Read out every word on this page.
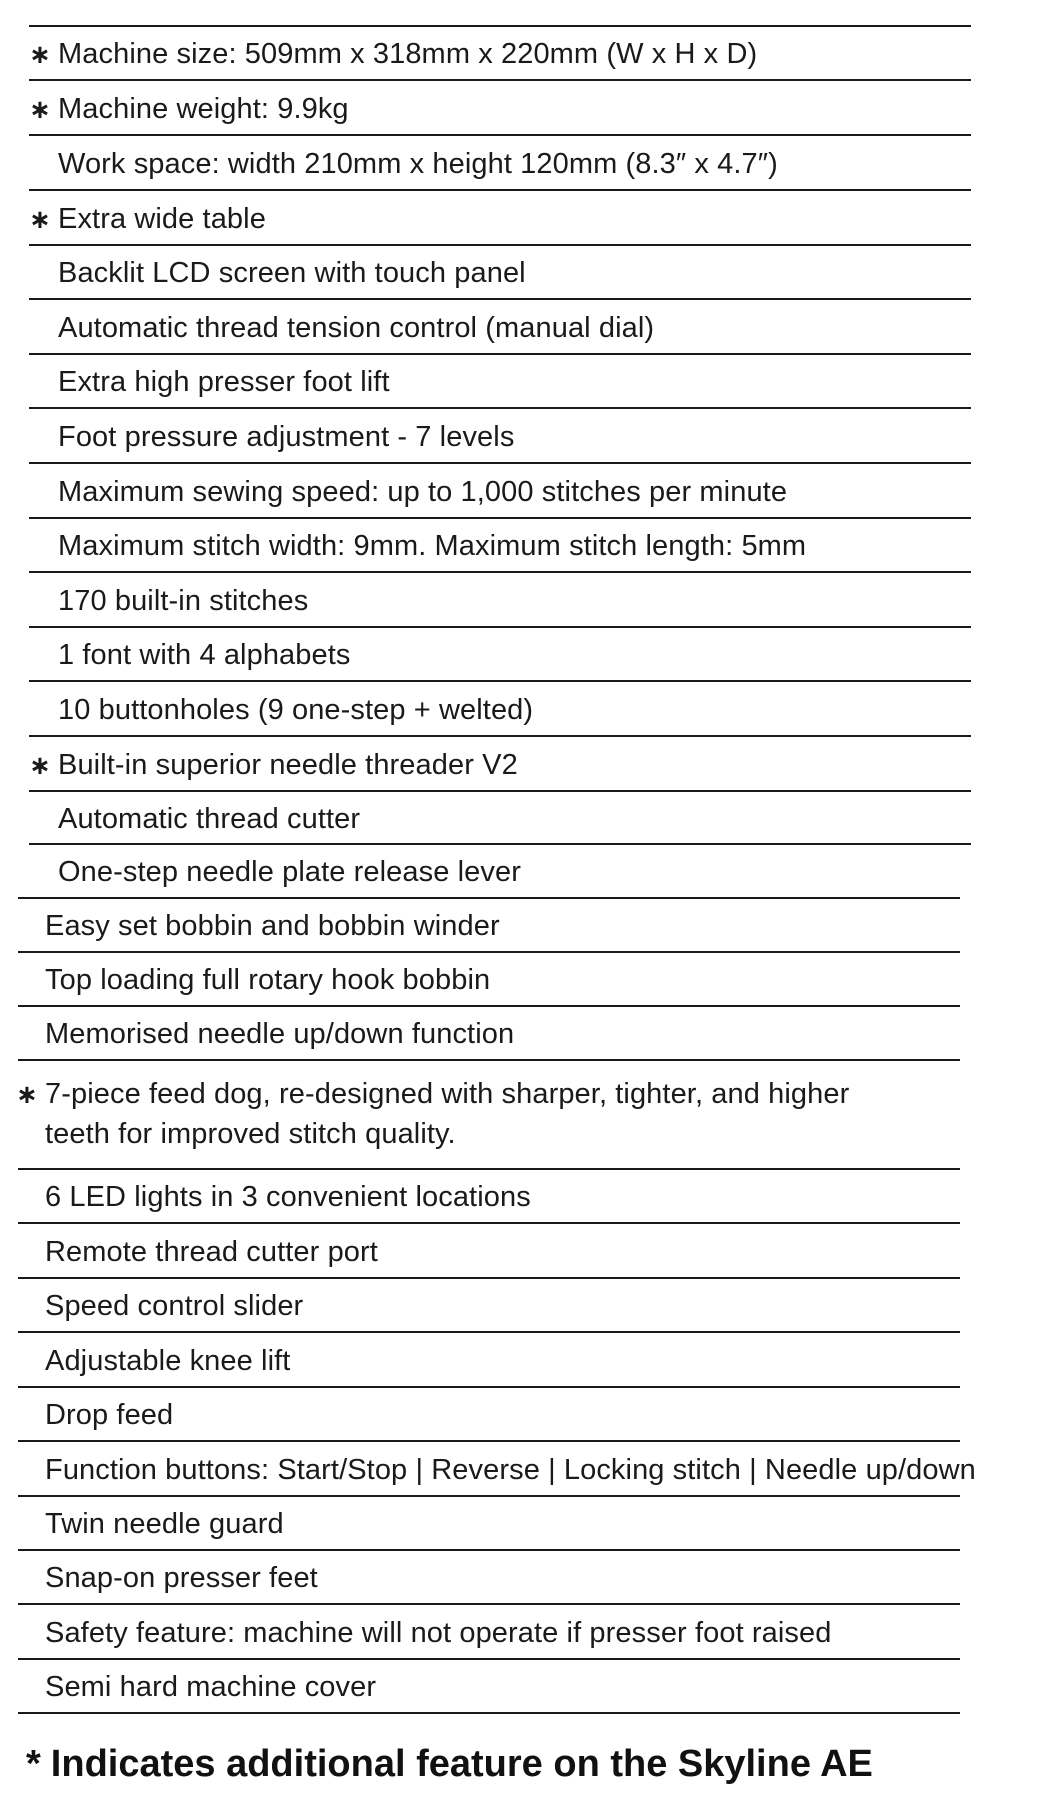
∗ Machine size: 509mm x 318mm x 220mm (W x H x D)
∗ Machine weight: 9.9kg
Work space: width 210mm x height 120mm (8.3″ x 4.7″)
∗ Extra wide table
Backlit LCD screen with touch panel
Automatic thread tension control (manual dial)
Extra high presser foot lift
Foot pressure adjustment - 7 levels
Maximum sewing speed: up to 1,000 stitches per minute
Maximum stitch width: 9mm. Maximum stitch length: 5mm
170 built-in stitches
1 font with 4 alphabets
10 buttonholes (9 one-step + welted)
∗ Built-in superior needle threader V2
Automatic thread cutter
One-step needle plate release lever
Easy set bobbin and bobbin winder
Top loading full rotary hook bobbin
Memorised needle up/down function
∗ 7-piece feed dog, re-designed with sharper, tighter, and higher teeth for improved stitch quality.
6 LED lights in 3 convenient locations
Remote thread cutter port
Speed control slider
Adjustable knee lift
Drop feed
Function buttons: Start/Stop | Reverse | Locking stitch | Needle up/down
Twin needle guard
Snap-on presser feet
Safety feature: machine will not operate if presser foot raised
Semi hard machine cover
* Indicates additional feature on the Skyline AE
